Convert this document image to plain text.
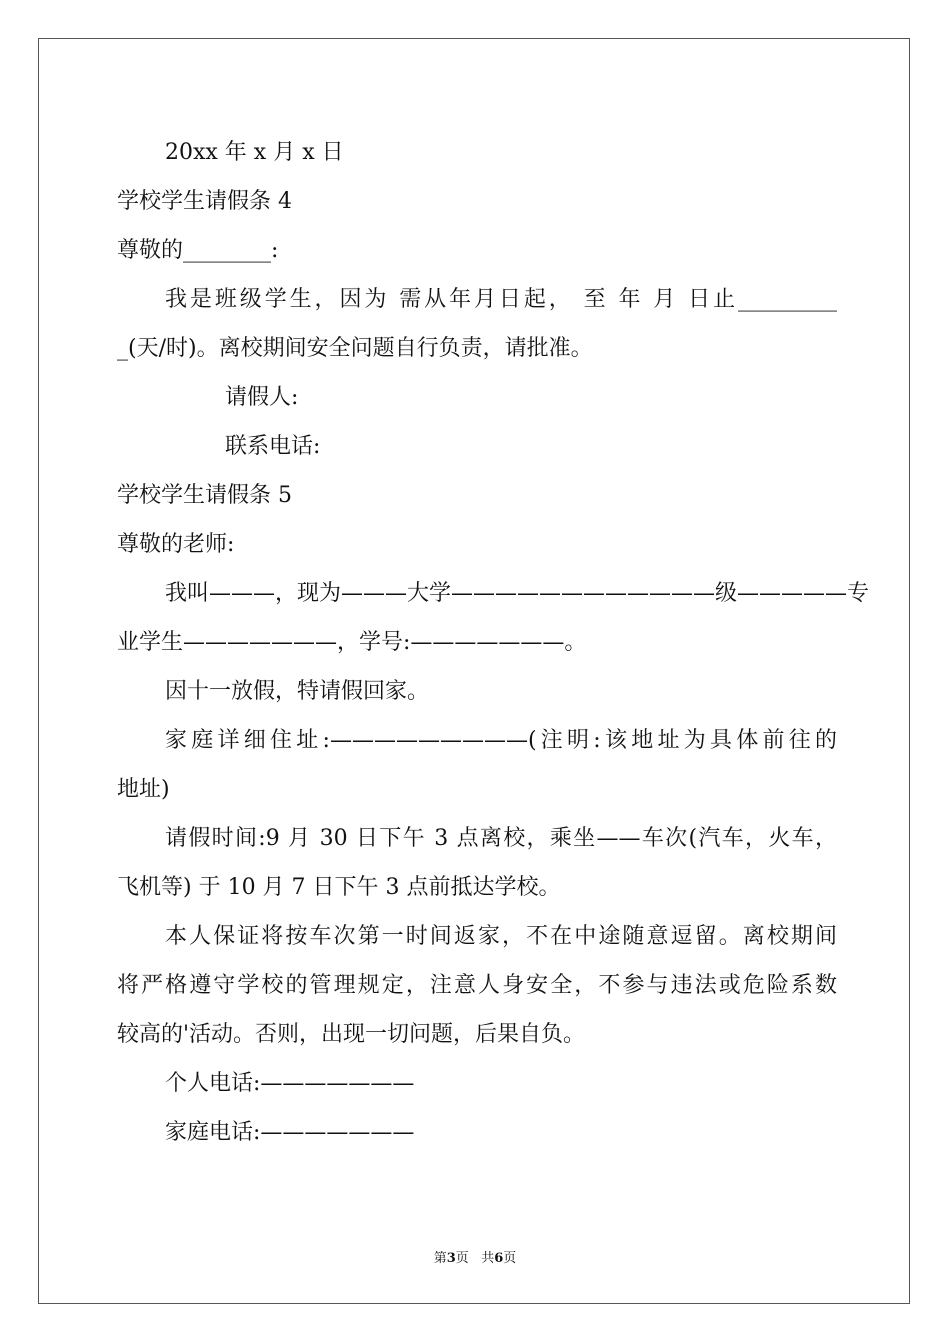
20xx 年 x 月 x 日
学校学生请假条 4
尊敬的________:
我是班级学生，因为 需从年月日起， 至 年 月 日止_________
_(天/时)。离校期间安全问题自行负责，请批准。
请假人:
联系电话:
学校学生请假条 5
尊敬的老师:
我叫———，现为———大学————————————级—————专
业学生———————，学号:———————。
因十一放假，特请假回家。
家庭详细住址:—————————(注明:该地址为具体前往的
地址)
请假时间:9 月 30 日下午 3 点离校，乘坐——车次(汽车，火车，
飞机等) 于 10 月 7 日下午 3 点前抵达学校。
本人保证将按车次第一时间返家，不在中途随意逗留。离校期间
将严格遵守学校的管理规定，注意人身安全，不参与违法或危险系数
较高的'活动。否则，出现一切问题，后果自负。
个人电话:———————
家庭电话:———————
第3页 共6页
